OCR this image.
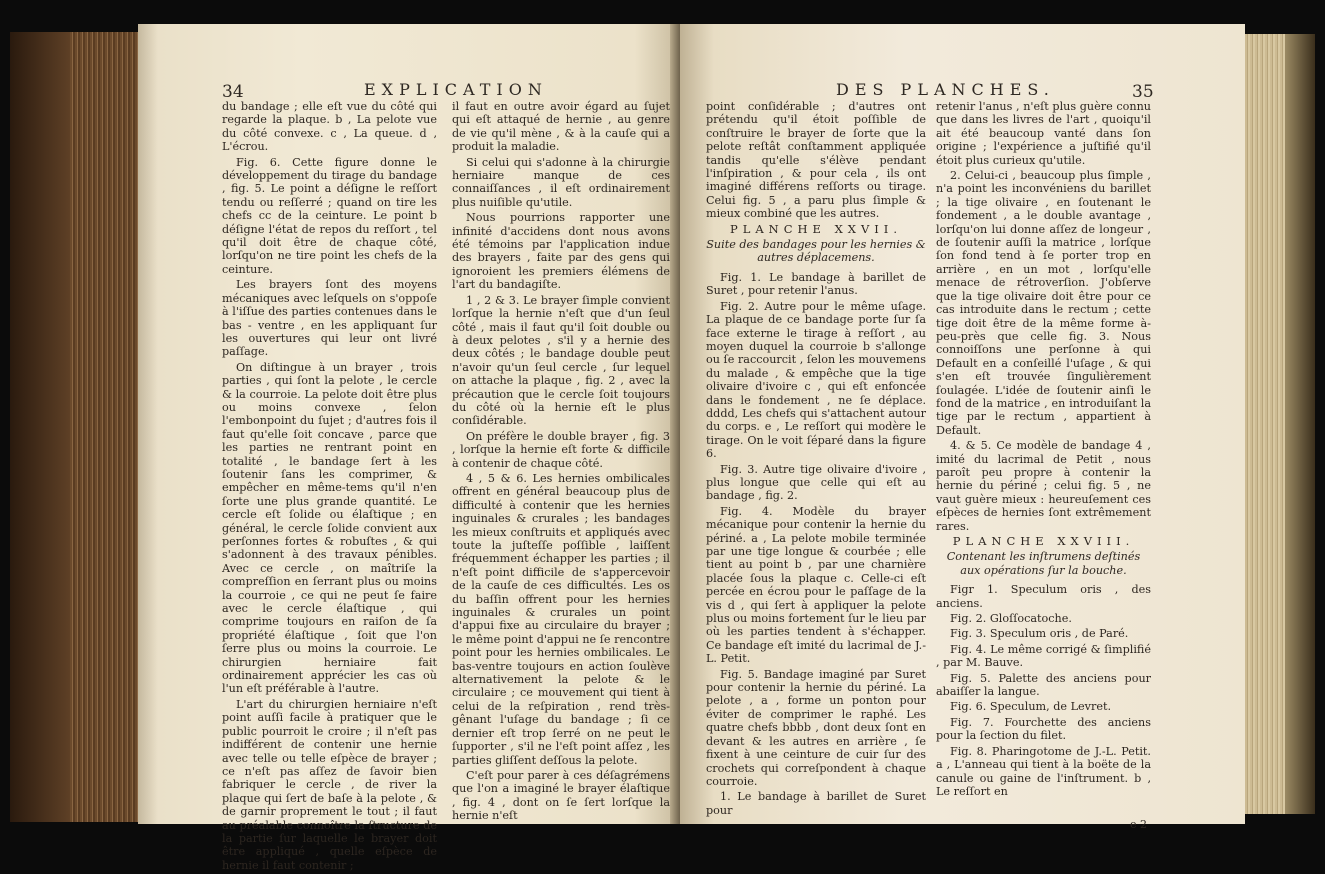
34	EXPLICATION

du bandage ; elle eſt vue du côté qui regarde la plaque. b , La pelote vue du côté convexe. c , La queue. d , L'écrou.

Fig. 6. Cette figure donne le développement du tirage du bandage , fig. 5. Le point a déſigne le reſſort tendu ou reſſerré ; quand on tire les chefs cc de la ceinture. Le point b déſigne l'état de repos du reſſort , tel qu'il doit être de chaque côté, lorſqu'on ne tire point les chefs de la ceinture.

Les brayers ſont des moyens mécaniques avec leſquels on s'oppoſe à l'iſſue des parties contenues dans le bas - ventre , en les appliquant ſur les ouvertures qui leur ont livré paſſage.

On diſtingue à un brayer , trois parties , qui ſont la pelote , le cercle & la courroie. La pelote doit être plus ou moins convexe , ſelon l'embonpoint du ſujet ; d'autres fois il faut qu'elle ſoit concave , parce que les parties ne rentrant point en totalité , le bandage ſert à les ſoutenir ſans les comprimer, & empêcher en même-tems qu'il n'en ſorte une plus grande quantité. Le cercle eſt ſolide ou élaſtique ; en général, le cercle ſolide convient aux perſonnes fortes & robuſtes , & qui s'adonnent à des travaux pénibles. Avec ce cercle , on maîtriſe la compreſſion en ſerrant plus ou moins la courroie , ce qui ne peut ſe faire avec le cercle élaſtique , qui comprime toujours en raiſon de ſa propriété élaſtique , ſoit que l'on ſerre plus ou moins la courroie. Le chirurgien herniaire fait ordinairement apprécier les cas où l'un eſt préférable à l'autre.

L'art du chirurgien herniaire n'eſt point auſſi facile à pratiquer que le public pourroit le croire ; il n'eſt pas indifférent de contenir une hernie avec telle ou telle eſpèce de brayer ; ce n'eſt pas aſſez de ſavoir bien fabriquer le cercle , de river la plaque qui ſert de baſe à la pelote , & de garnir proprement le tout ; il faut au préalable connoître la ſtructure de la partie ſur laquelle le brayer doit être appliqué , quelle eſpèce de hernie il faut contenir ;

il faut en outre avoir égard au ſujet qui eſt attaqué de hernie , au genre de vie qu'il mène , & à la cauſe qui a produit la maladie.

Si celui qui s'adonne à la chirurgie herniaire manque de ces connaiſſances , il eſt ordinairement plus nuiſible qu'utile.

Nous pourrions rapporter une infinité d'accidens dont nous avons été témoins par l'application indue des brayers , faite par des gens qui ignoroient les premiers élémens de l'art du bandagiſte.

1 , 2 & 3. Le brayer ſimple convient lorſque la hernie n'eſt que d'un ſeul côté , mais il faut qu'il ſoit double ou à deux pelotes , s'il y a hernie des deux côtés ; le bandage double peut n'avoir qu'un ſeul cercle , ſur lequel on attache la plaque , fig. 2 , avec la précaution que le cercle ſoit toujours du côté où la hernie eſt le plus conſidérable.

On préfère le double brayer , fig. 3 , lorſque la hernie eſt forte & difficile à contenir de chaque côté.

4 , 5 & 6. Les hernies ombilicales offrent en général beaucoup plus de difficulté à contenir que les hernies inguinales & crurales ; les bandages les mieux conſtruits et appliqués avec toute la juſteſſe poſſible , laiſſent fréquemment échapper les parties ; il n'eſt point difficile de s'appercevoir de la cauſe de ces difficultés. Les os du baſſin offrent pour les hernies inguinales & crurales un point d'appui fixe au circulaire du brayer ; le même point d'appui ne ſe rencontre point pour les hernies ombilicales. Le bas-ventre toujours en action ſoulève alternativement la pelote & le circulaire ; ce mouvement qui tient à celui de la reſpiration , rend très-gênant l'uſage du bandage ; ſi ce dernier eſt trop ſerré on ne peut le ſupporter , s'il ne l'eſt point aſſez , les parties gliſſent deſſous la pelote.

C'eſt pour parer à ces déſagrémens que l'on a imaginé le brayer élaſtique , fig. 4 , dont on ſe ſert lorſque la hernie n'eſt

DES PLANCHES.	35

point conſidérable ; d'autres ont prétendu qu'il étoit poſſible de conſtruire le brayer de ſorte que la pelote reſtât conſtamment appliquée tandis qu'elle s'élève pendant l'inſpiration , & pour cela , ils ont imaginé différens reſſorts ou tirage. Celui fig. 5 , a paru plus ſimple & mieux combiné que les autres.

PLANCHE XXVII.

Suite des bandages pour les hernies & autres déplacemens.

Fig. 1. Le bandage à barillet de Suret , pour retenir l'anus.

Fig. 2. Autre pour le même uſage. La plaque de ce bandage porte ſur ſa face externe le tirage à reſſort , au moyen duquel la courroie b s'allonge ou ſe raccourcit , ſelon les mouvemens du malade , & empêche que la tige olivaire d'ivoire c , qui eſt enfoncée dans le fondement , ne ſe déplace. dddd, Les chefs qui s'attachent autour du corps. e , Le reſſort qui modère le tirage. On le voit ſéparé dans la figure 6.

Fig. 3. Autre tige olivaire d'ivoire , plus longue que celle qui eſt au bandage , fig. 2.

Fig. 4. Modèle du brayer mécanique pour contenir la hernie du périné. a , La pelote mobile terminée par une tige longue & courbée ; elle tient au point b , par une charnière placée ſous la plaque c. Celle-ci eſt percée en écrou pour le paſſage de la vis d , qui ſert à appliquer la pelote plus ou moins fortement ſur le lieu par où les parties tendent à s'échapper. Ce bandage eſt imité du lacrimal de J.-L. Petit.

Fig. 5. Bandage imaginé par Suret pour contenir la hernie du périné. La pelote , a , forme un ponton pour éviter de comprimer le raphé. Les quatre chefs bbbb , dont deux ſont en devant & les autres en arrière , ſe fixent à une ceinture de cuir ſur des crochets qui correſpondent à chaque courroie.

1. Le bandage à barillet de Suret pour

retenir l'anus , n'eſt plus guère connu que dans les livres de l'art , quoiqu'il ait été beaucoup vanté dans ſon origine ; l'expérience a juſtifié qu'il étoit plus curieux qu'utile.

2. Celui-ci , beaucoup plus ſimple , n'a point les inconvéniens du barillet ; la tige olivaire , en ſoutenant le fondement , a le double avantage , lorſqu'on lui donne aſſez de longeur , de ſoutenir auſſi la matrice , lorſque ſon fond tend à ſe porter trop en arrière , en un mot , lorſqu'elle menace de rétroverſion. J'obſerve que la tige olivaire doit être pour ce cas introduite dans le rectum ; cette tige doit être de la même forme à-peu-près que celle fig. 3. Nous connoiſſons une perſonne à qui Default en a conſeillé l'uſage , & qui s'en eſt trouvée ſingulièrement ſoulagée. L'idée de ſoutenir ainſi le fond de la matrice , en introduiſant la tige par le rectum , appartient à Default.

4. & 5. Ce modèle de bandage 4 , imité du lacrimal de Petit , nous paroît peu propre à contenir la hernie du périné ; celui fig. 5 , ne vaut guère mieux : heureuſement ces eſpèces de hernies ſont extrêmement rares.

PLANCHE XXVIII.

Contenant les inſtrumens deſtinés aux opérations ſur la bouche.

Figr 1. Speculum oris , des anciens.

Fig. 2. Gloſſocatoche.

Fig. 3. Speculum oris , de Paré.

Fig. 4. Le même corrigé & ſimplifié , par M. Bauve.

Fig. 5. Palette des anciens pour abaiſſer la langue.

Fig. 6. Speculum, de Levret.

Fig. 7. Fourchette des anciens pour la ſection du filet.

Fig. 8. Pharingotome de J.-L. Petit. a , L'anneau qui tient à la boëte de la canule ou gaine de l'inſtrument. b , Le reſſort en

e 2
